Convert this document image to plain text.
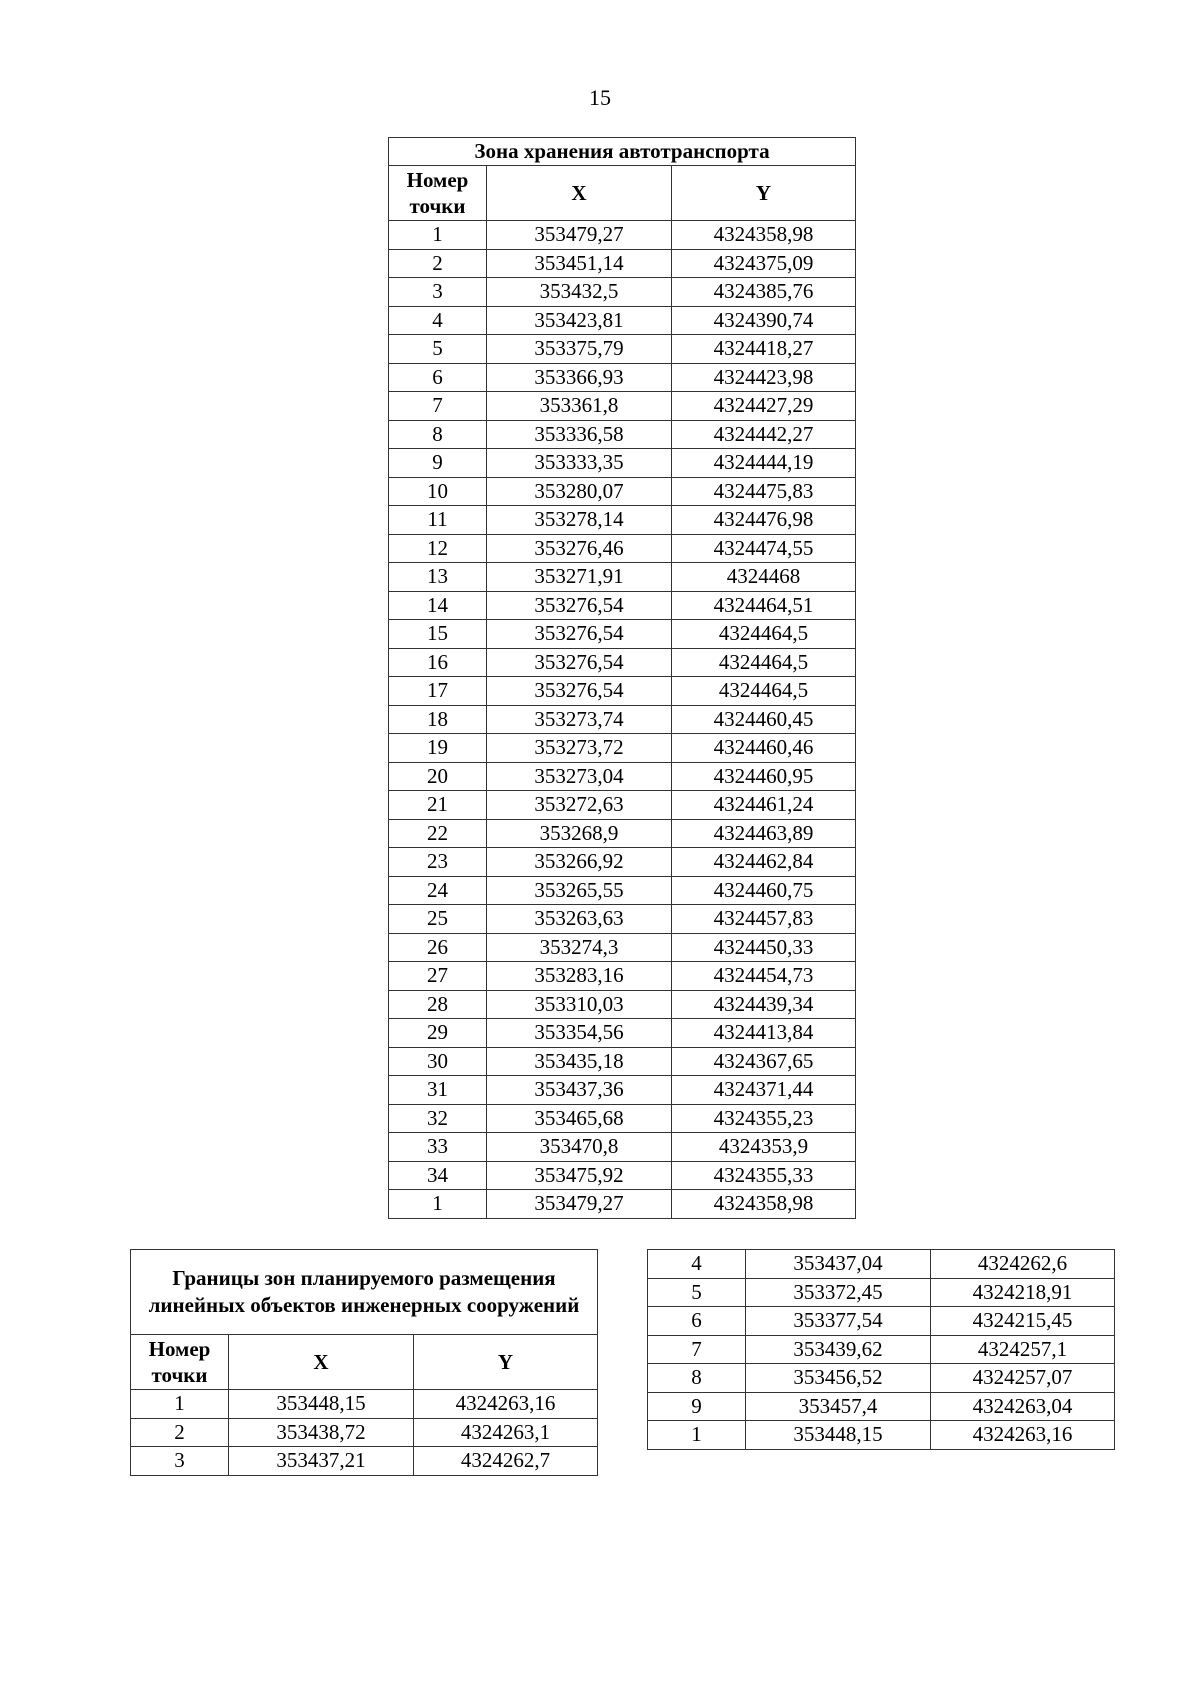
15
Зона хранения автотранспорта		
Номер точки	X	Y
1	353479,27	4324358,98
2	353451,14	4324375,09
3	353432,5	4324385,76
4	353423,81	4324390,74
5	353375,79	4324418,27
6	353366,93	4324423,98
7	353361,8	4324427,29
8	353336,58	4324442,27
9	353333,35	4324444,19
10	353280,07	4324475,83
11	353278,14	4324476,98
12	353276,46	4324474,55
13	353271,91	4324468
14	353276,54	4324464,51
15	353276,54	4324464,5
16	353276,54	4324464,5
17	353276,54	4324464,5
18	353273,74	4324460,45
19	353273,72	4324460,46
20	353273,04	4324460,95
21	353272,63	4324461,24
22	353268,9	4324463,89
23	353266,92	4324462,84
24	353265,55	4324460,75
25	353263,63	4324457,83
26	353274,3	4324450,33
27	353283,16	4324454,73
28	353310,03	4324439,34
29	353354,56	4324413,84
30	353435,18	4324367,65
31	353437,36	4324371,44
32	353465,68	4324355,23
33	353470,8	4324353,9
34	353475,92	4324355,33
1	353479,27	4324358,98
Границы зон планируемого размещения линейных объектов инженерных сооружений		
Номер точки	X	Y
1	353448,15	4324263,16
2	353438,72	4324263,1
3	353437,21	4324262,7
4	353437,04	4324262,6
5	353372,45	4324218,91
6	353377,54	4324215,45
7	353439,62	4324257,1
8	353456,52	4324257,07
9	353457,4	4324263,04
1	353448,15	4324263,16
